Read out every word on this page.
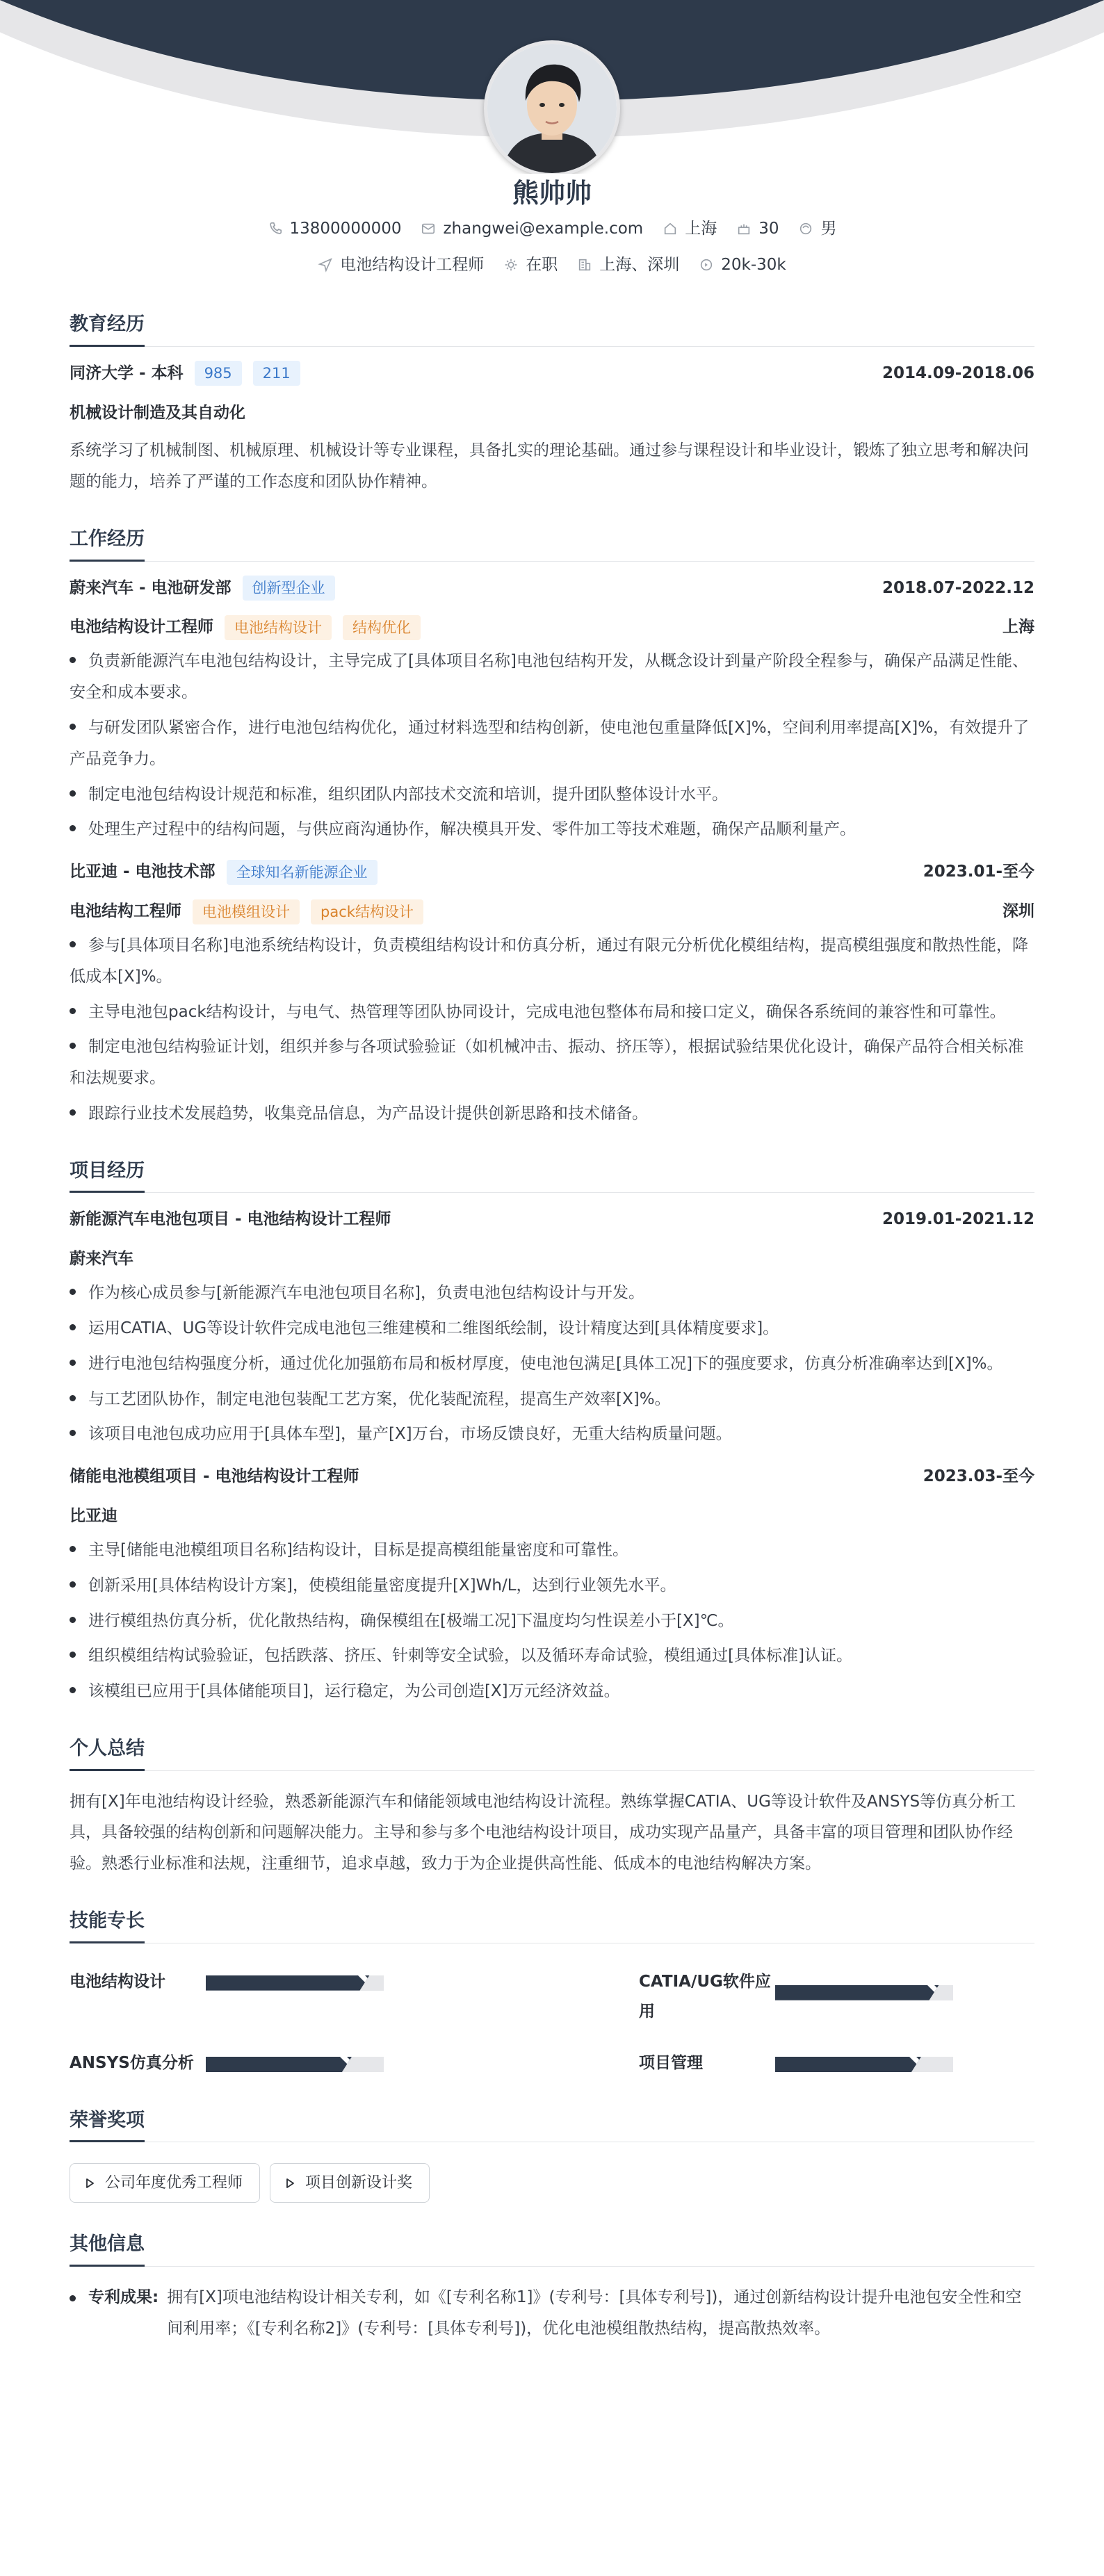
熊帅帅
13800000000	zhangwei@example.com	上海	30	男
电池结构设计工程师	在职	上海、深圳	20k-30k
教育经历
同济大学 - 本科	985	211	2014.09-2018.06
机械设计制造及其自动化
系统学习了机械制图、机械原理、机械设计等专业课程，具备扎实的理论基础。通过参与课程设计和毕业设计，锻炼了独立思考和解决问题的能力，培养了严谨的工作态度和团队协作精神。
工作经历
蔚来汽车 - 电池研发部	创新型企业	2018.07-2022.12
电池结构设计工程师	电池结构设计	结构优化	上海
负责新能源汽车电池包结构设计，主导完成了[具体项目名称]电池包结构开发，从概念设计到量产阶段全程参与，确保产品满足性能、安全和成本要求。
与研发团队紧密合作，进行电池包结构优化，通过材料选型和结构创新，使电池包重量降低[X]%，空间利用率提高[X]%，有效提升了产品竞争力。
制定电池包结构设计规范和标准，组织团队内部技术交流和培训，提升团队整体设计水平。
处理生产过程中的结构问题，与供应商沟通协作，解决模具开发、零件加工等技术难题，确保产品顺利量产。
比亚迪 - 电池技术部	全球知名新能源企业	2023.01-至今
电池结构工程师	电池模组设计	pack结构设计	深圳
参与[具体项目名称]电池系统结构设计，负责模组结构设计和仿真分析，通过有限元分析优化模组结构，提高模组强度和散热性能，降低成本[X]%。
主导电池包pack结构设计，与电气、热管理等团队协同设计，完成电池包整体布局和接口定义，确保各系统间的兼容性和可靠性。
制定电池包结构验证计划，组织并参与各项试验验证（如机械冲击、振动、挤压等），根据试验结果优化设计，确保产品符合相关标准和法规要求。
跟踪行业技术发展趋势，收集竞品信息，为产品设计提供创新思路和技术储备。
项目经历
新能源汽车电池包项目 - 电池结构设计工程师	2019.01-2021.12
蔚来汽车
作为核心成员参与[新能源汽车电池包项目名称]，负责电池包结构设计与开发。
运用CATIA、UG等设计软件完成电池包三维建模和二维图纸绘制，设计精度达到[具体精度要求]。
进行电池包结构强度分析，通过优化加强筋布局和板材厚度，使电池包满足[具体工况]下的强度要求，仿真分析准确率达到[X]%。
与工艺团队协作，制定电池包装配工艺方案，优化装配流程，提高生产效率[X]%。
该项目电池包成功应用于[具体车型]，量产[X]万台，市场反馈良好，无重大结构质量问题。
储能电池模组项目 - 电池结构设计工程师	2023.03-至今
比亚迪
主导[储能电池模组项目名称]结构设计，目标是提高模组能量密度和可靠性。
创新采用[具体结构设计方案]，使模组能量密度提升[X]Wh/L，达到行业领先水平。
进行模组热仿真分析，优化散热结构，确保模组在[极端工况]下温度均匀性误差小于[X]℃。
组织模组结构试验验证，包括跌落、挤压、针刺等安全试验，以及循环寿命试验，模组通过[具体标准]认证。
该模组已应用于[具体储能项目]，运行稳定，为公司创造[X]万元经济效益。
个人总结
拥有[X]年电池结构设计经验，熟悉新能源汽车和储能领域电池结构设计流程。熟练掌握CATIA、UG等设计软件及ANSYS等仿真分析工具，具备较强的结构创新和问题解决能力。主导和参与多个电池结构设计项目，成功实现产品量产，具备丰富的项目管理和团队协作经验。熟悉行业标准和法规，注重细节，追求卓越，致力于为企业提供高性能、低成本的电池结构解决方案。
技能专长
电池结构设计	CATIA/UG软件应用
ANSYS仿真分析	项目管理
荣誉奖项
公司年度优秀工程师	项目创新设计奖
其他信息
专利成果: 拥有[X]项电池结构设计相关专利，如《[专利名称1]》(专利号：[具体专利号])，通过创新结构设计提升电池包安全性和空间利用率；《[专利名称2]》(专利号：[具体专利号])，优化电池模组散热结构，提高散热效率。
